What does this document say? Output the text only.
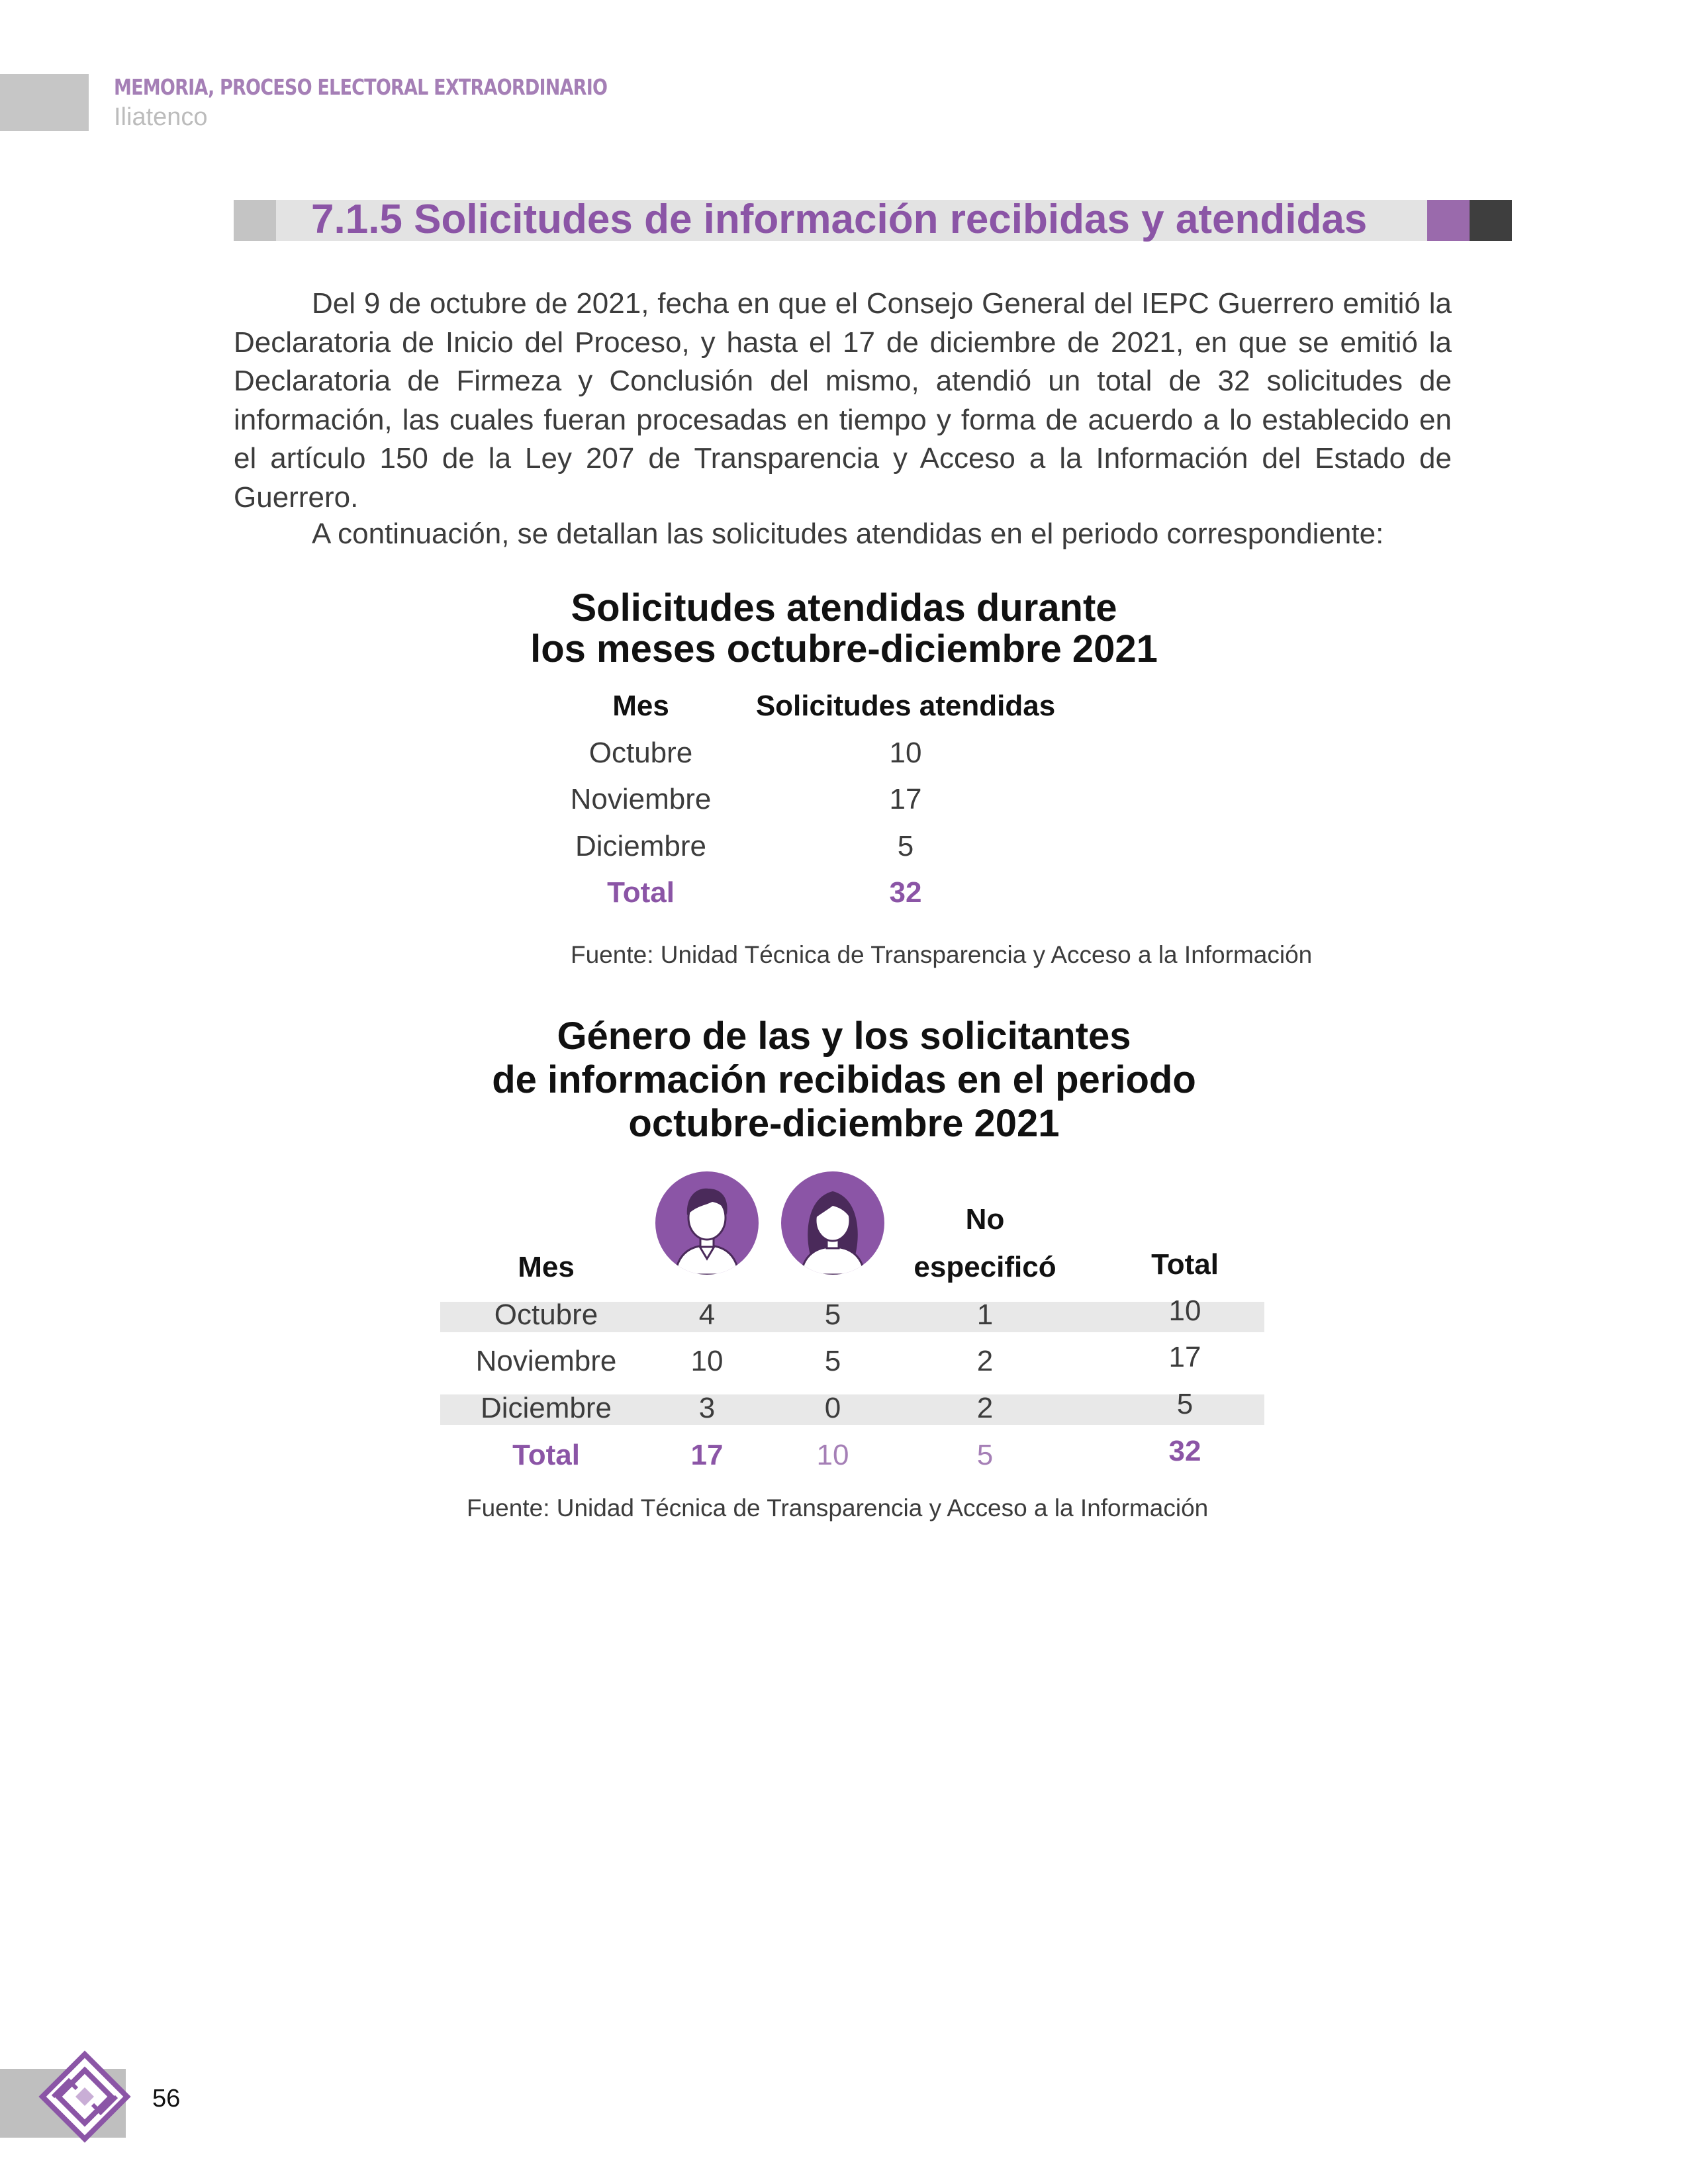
MEMORIA, PROCESO ELECTORAL EXTRAORDINARIO
Iliatenco
7.1.5 Solicitudes de información recibidas y atendidas

Del 9 de octubre de 2021, fecha en que el Consejo General del IEPC Guerrero emitió la Declaratoria de Inicio del Proceso, y hasta el 17 de diciembre de 2021, en que se emitió la Declaratoria de Firmeza y Conclusión del mismo, atendió un total de 32 solicitudes de información, las cuales fueran procesadas en tiempo y forma de acuerdo a lo establecido en el artículo 150 de la Ley 207 de Transparencia y Acceso a la Información del Estado de Guerrero.

A continuación, se detallan las solicitudes atendidas en el periodo correspondiente:

Solicitudes atendidas durante
los meses octubre-diciembre 2021
Mes	Solicitudes atendidas
Octubre	10
Noviembre	17
Diciembre	5
Total	32
Fuente: Unidad Técnica de Transparencia y Acceso a la Información
Género de las y los solicitantes
de información recibidas en el periodo
octubre-diciembre 2021
Mes
No
especificó	Total
Octubre	4	5	1	10
Noviembre	10	5	2	17
Diciembre	3	0	2	5
Total	17	10	5	32
Fuente: Unidad Técnica de Transparencia y Acceso a la Información
56
